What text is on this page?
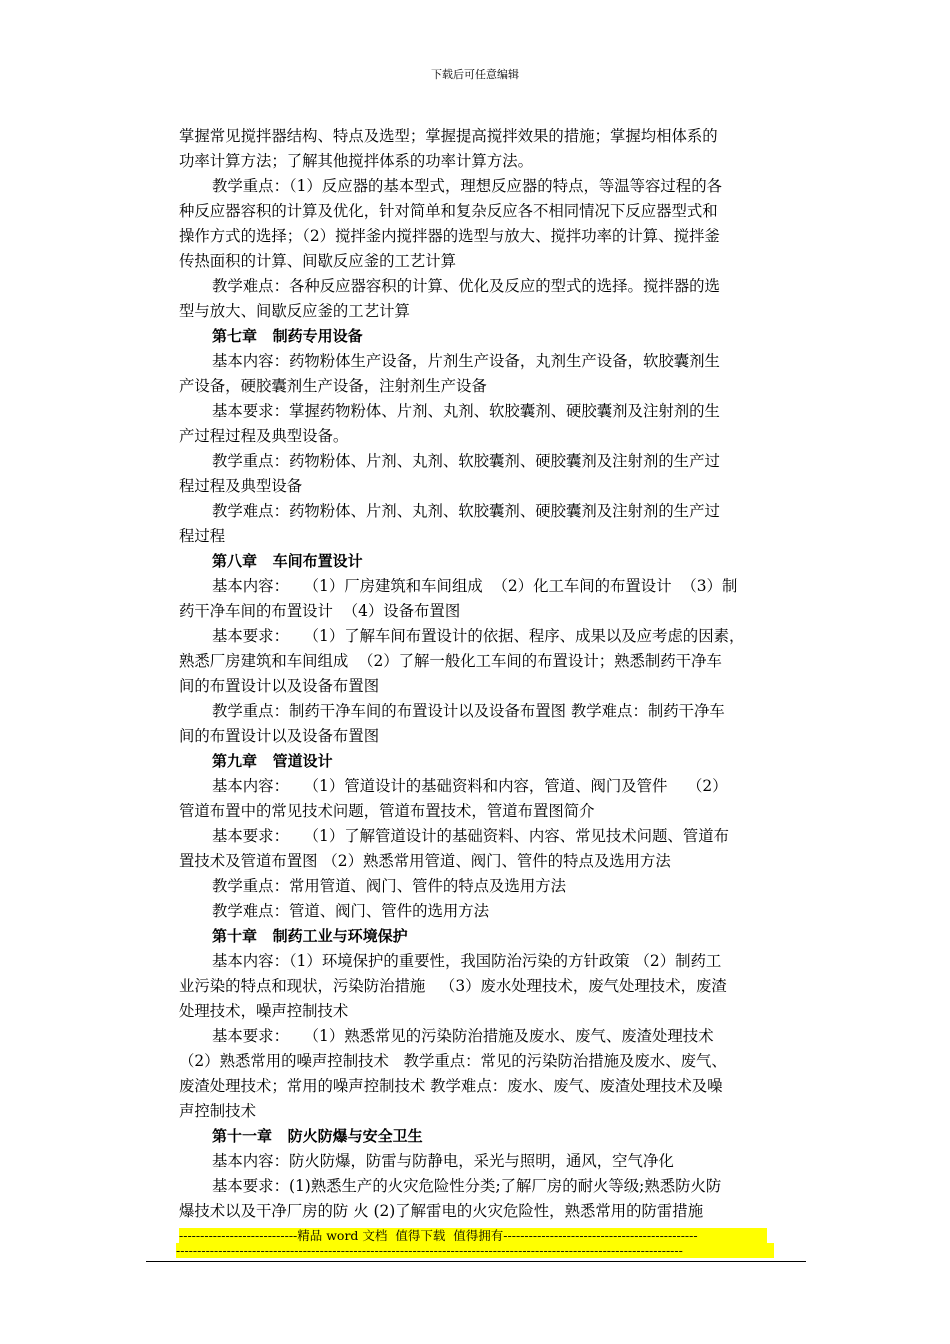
下载后可任意编辑
掌握常见搅拌器结构、特点及选型；掌握提高搅拌效果的措施；掌握均相体系的
功率计算方法；了解其他搅拌体系的功率计算方法。
教学重点：（1）反应器的基本型式，理想反应器的特点，等温等容过程的各
种反应器容积的计算及优化，针对简单和复杂反应各不相同情况下反应器型式和
操作方式的选择；（2）搅拌釜内搅拌器的选型与放大、搅拌功率的计算、搅拌釜
传热面积的计算、间歇反应釜的工艺计算
教学难点：各种反应器容积的计算、优化及反应的型式的选择。搅拌器的选
型与放大、间歇反应釜的工艺计算
第七章   制药专用设备
基本内容：药物粉体生产设备，片剂生产设备，丸剂生产设备，软胶囊剂生
产设备，硬胶囊剂生产设备，注射剂生产设备
基本要求：掌握药物粉体、片剂、丸剂、软胶囊剂、硬胶囊剂及注射剂的生
产过程过程及典型设备。
教学重点：药物粉体、片剂、丸剂、软胶囊剂、硬胶囊剂及注射剂的生产过
程过程及典型设备
教学难点：药物粉体、片剂、丸剂、软胶囊剂、硬胶囊剂及注射剂的生产过
程过程
第八章   车间布置设计
基本内容：   （1）厂房建筑和车间组成  （2）化工车间的布置设计  （3）制
药干净车间的布置设计  （4）设备布置图
基本要求：   （1）了解车间布置设计的依据、程序、成果以及应考虑的因素，
熟悉厂房建筑和车间组成  （2）了解一般化工车间的布置设计；熟悉制药干净车
间的布置设计以及设备布置图
教学重点：制药干净车间的布置设计以及设备布置图 教学难点：制药干净车
间的布置设计以及设备布置图
第九章   管道设计
基本内容：   （1）管道设计的基础资料和内容，管道、阀门及管件    （2）
管道布置中的常见技术问题，管道布置技术，管道布置图简介
基本要求：   （1）了解管道设计的基础资料、内容、常见技术问题、管道布
置技术及管道布置图 （2）熟悉常用管道、阀门、管件的特点及选用方法
教学重点：常用管道、阀门、管件的特点及选用方法
教学难点：管道、阀门、管件的选用方法
第十章   制药工业与环境保护
基本内容：（1）环境保护的重要性，我国防治污染的方针政策 （2）制药工
业污染的特点和现状，污染防治措施   （3）废水处理技术，废气处理技术，废渣
处理技术，噪声控制技术
基本要求：   （1）熟悉常见的污染防治措施及废水、废气、废渣处理技术
（2）熟悉常用的噪声控制技术   教学重点：常见的污染防治措施及废水、废气、
废渣处理技术；常用的噪声控制技术 教学难点：废水、废气、废渣处理技术及噪
声控制技术
第十一章   防火防爆与安全卫生
基本内容：防火防爆，防雷与防静电，采光与照明，通风，空气净化
基本要求：(1)熟悉生产的火灾危险性分类;了解厂房的耐火等级;熟悉防火防
爆技术以及干净厂房的防 火 (2)了解雷电的火灾危险性，熟悉常用的防雷措施
----------------------------精品 word 文档  值得下载  值得拥有----------------------------------------------
------------------------------------------------------------------------------------------------------------------------
